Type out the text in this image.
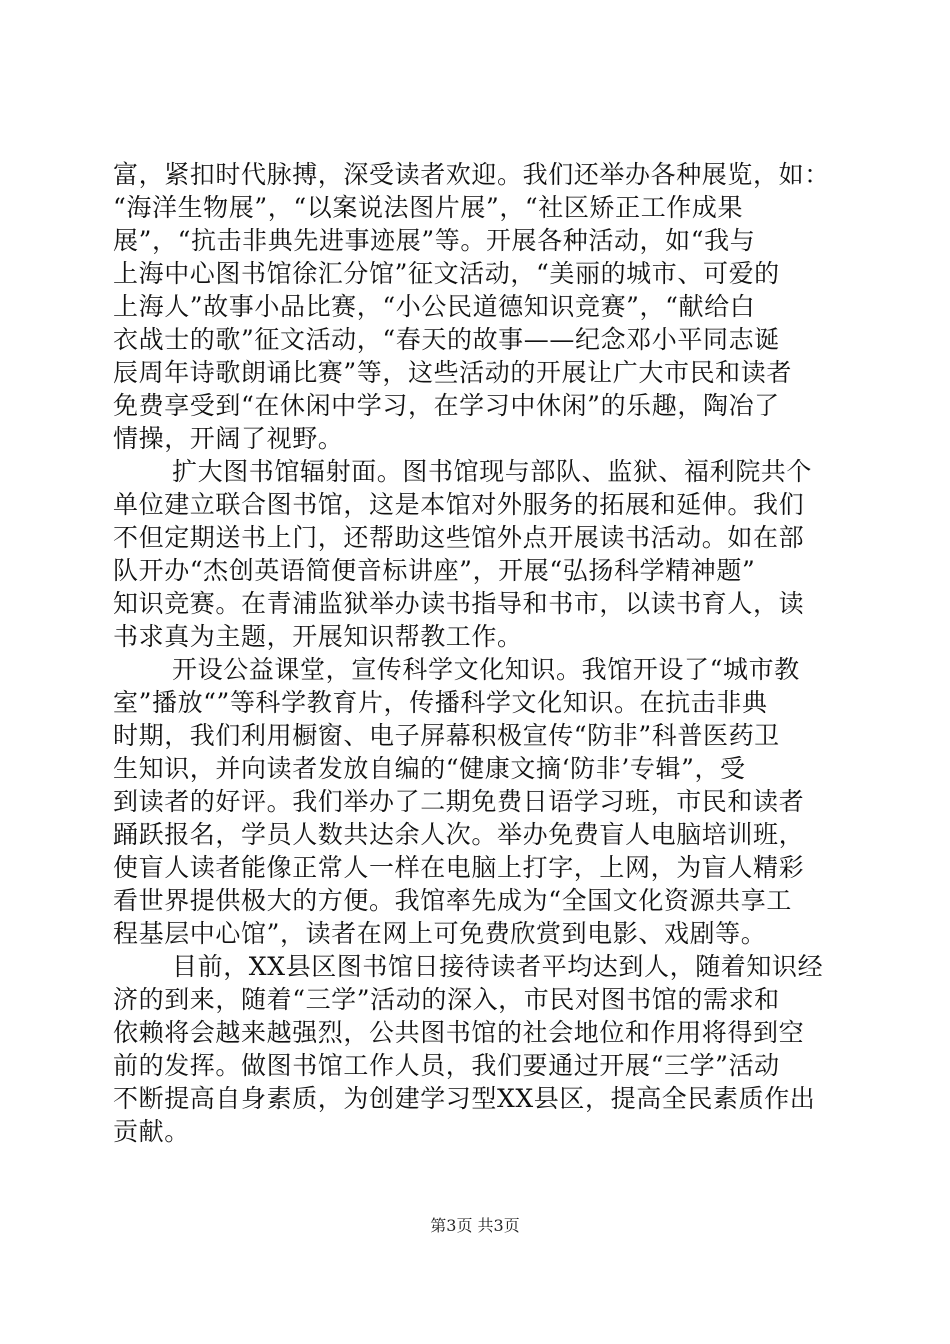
富，紧扣时代脉搏，深受读者欢迎。我们还举办各种展览，如：
“海洋生物展”，“以案说法图片展”，“社区矫正工作成果
展”，“抗击非典先进事迹展”等。开展各种活动，如“我与
上海中心图书馆徐汇分馆”征文活动，“美丽的城市、可爱的
上海人”故事小品比赛，“小公民道德知识竞赛”，“献给白
衣战士的歌”征文活动，“春天的故事——纪念邓小平同志诞
辰周年诗歌朗诵比赛”等，这些活动的开展让广大市民和读者
免费享受到“在休闲中学习，在学习中休闲”的乐趣，陶冶了
情操，开阔了视野。
扩大图书馆辐射面。图书馆现与部队、监狱、福利院共个
单位建立联合图书馆，这是本馆对外服务的拓展和延伸。我们
不但定期送书上门，还帮助这些馆外点开展读书活动。如在部
队开办“杰创英语简便音标讲座”，开展“弘扬科学精神题”
知识竞赛。在青浦监狱举办读书指导和书市，以读书育人，读
书求真为主题，开展知识帮教工作。
开设公益课堂，宣传科学文化知识。我馆开设了“城市教
室”播放“”等科学教育片，传播科学文化知识。在抗击非典
时期，我们利用橱窗、电子屏幕积极宣传“防非”科普医药卫
生知识，并向读者发放自编的“健康文摘‘防非’专辑”，受
到读者的好评。我们举办了二期免费日语学习班，市民和读者
踊跃报名，学员人数共达余人次。举办免费盲人电脑培训班，
使盲人读者能像正常人一样在电脑上打字，上网，为盲人精彩
看世界提供极大的方便。我馆率先成为“全国文化资源共享工
程基层中心馆”，读者在网上可免费欣赏到电影、戏剧等。
目前，XX县区图书馆日接待读者平均达到人，随着知识经
济的到来，随着“三学”活动的深入，市民对图书馆的需求和
依赖将会越来越强烈，公共图书馆的社会地位和作用将得到空
前的发挥。做图书馆工作人员，我们要通过开展“三学”活动
不断提高自身素质，为创建学习型XX县区，提高全民素质作出
贡献。
第3页 共3页
